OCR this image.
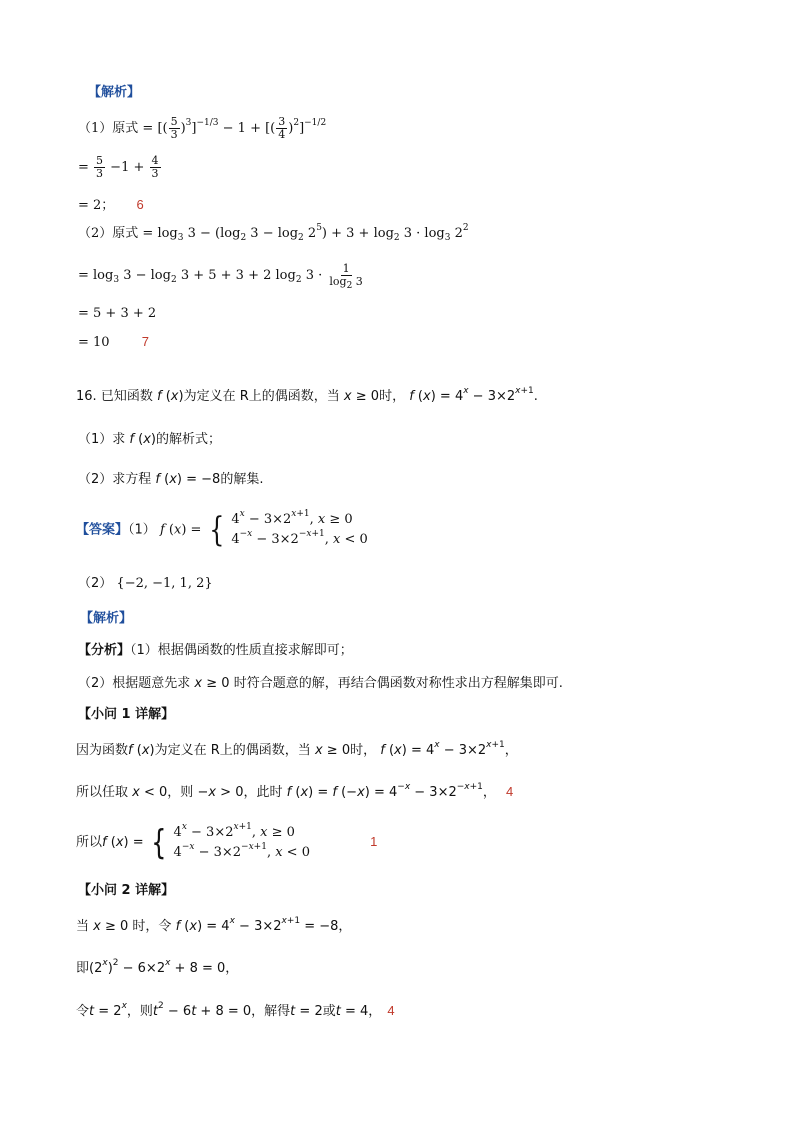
【解析】
（1）原式 = [( $\frac{5}{3} )^3]^{-1/3} - 1$ + [( $\frac{3}{4} )^2]^{-1/2}$
= $\frac{5}{3} -1 + \frac{4}{3}$
= 2； 6
（2）原式 = $\log_3 3 - (\log_2$ $3 - \log_2 2^5) + 3 + \log_2 3 \cdot \log_3 2^2$
= $\log_3 3 - \log_2 3 + 5 + 3 + 2$ $\log_2 3 \cdot \frac{1}{\log_2 3}$
= 5 + 3 + 2
= 10 7
16. 已知函数 f (x)为定义在 R上的偶函数，当 x ≥ 0时， f $(x) = 4^x - 3\times 2^{x+1}$.
（1）求 f (x)的解析式；
（2）求方程 f (x) = −8的解集.
【答案】（1） f (x) = { $4^x - 3\times 2^{x+1}$, x ≥ 0
$4^{-x} - 3\times 2^{-x+1}$, x < 0
（2） {−2, −1, 1, 2}
【解析】
【分析】（1）根据偶函数的性质直接求解即可；
（2）根据题意先求 x ≥ 0 时符合题意的解，再结合偶函数对称性求出方程解集即可.
【小问 1 详解】
因为函数f (x)为定义在 R上的偶函数，当 x ≥ 0时， f $(x) = 4^x - 3\times 2^{x+1}$，
所以任取 x < 0，则 −x > 0，此时 f (x) = f $(-x) = 4^{-x} - 3\times 2^{-x+1}$， 4
所以f (x) = { $4^x - 3\times 2^{x+1}$, x ≥ 0
$4^{-x} - 3\times 2^{-x+1}$, x < 0
1
【小问 2 详解】
当 x ≥ 0 时，令 f $(x) = 4^x - 3\times 2^{x+1} = -8$，
即$(2^x)^2 - 6\times 2^x + 8 = 0$，
令$t = 2^x$，则$t^2 - 6t + 8 = 0$，解得t = 2或t = 4， 4
